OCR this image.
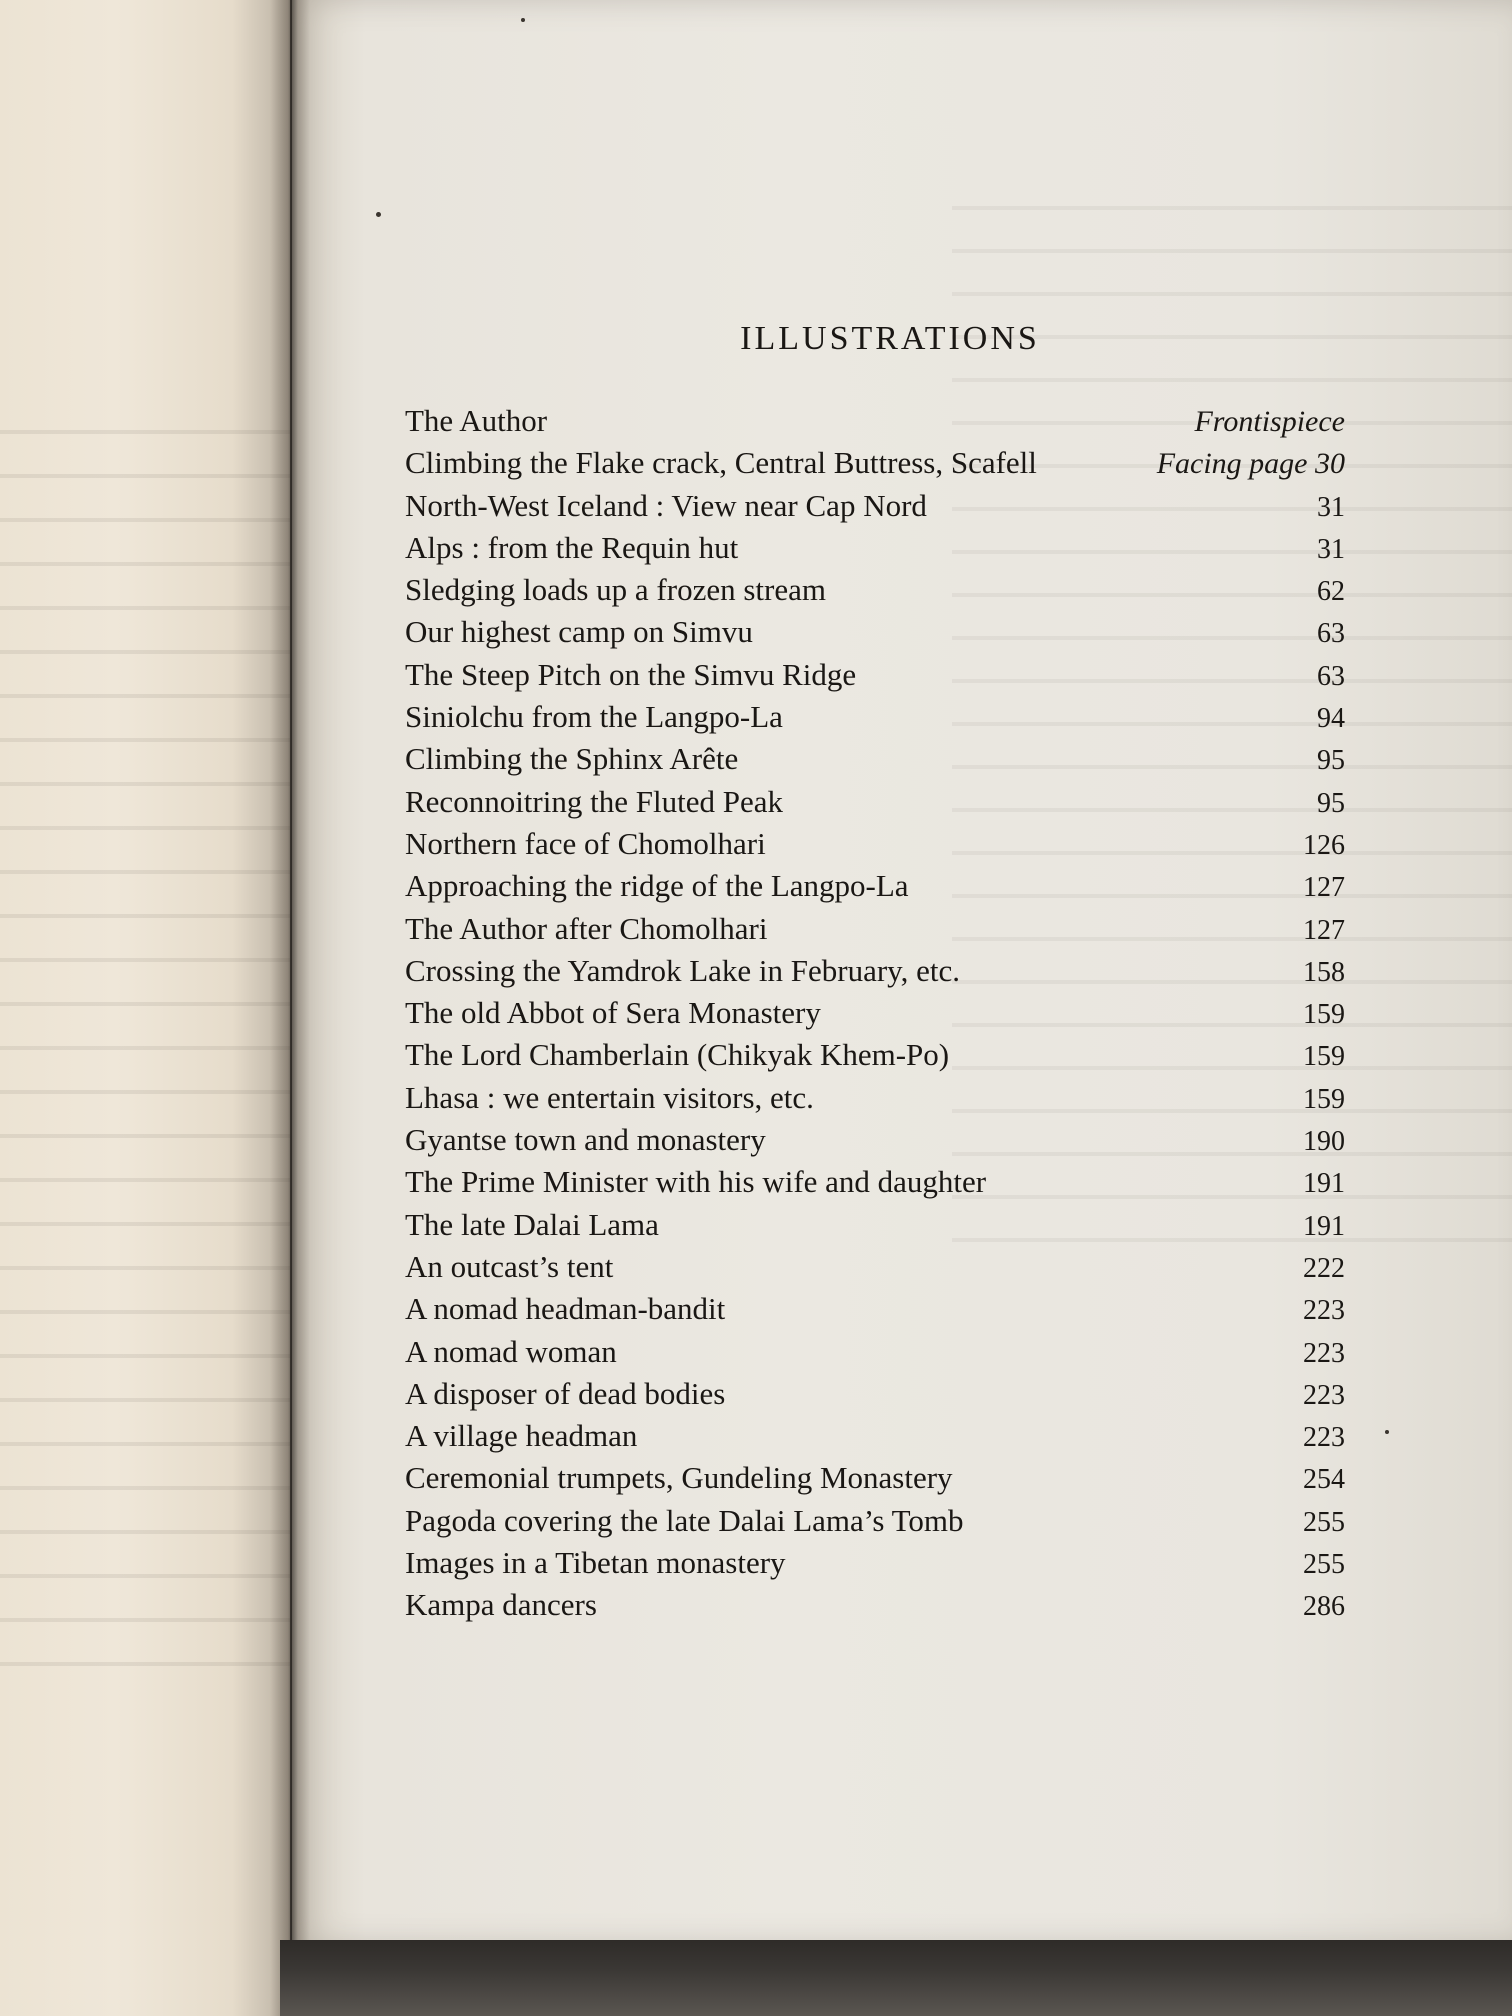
ILLUSTRATIONS
The Author	Frontispiece
Climbing the Flake crack, Central Buttress, Scafell	Facing page 30
North-West Iceland : View near Cap Nord	31
Alps : from the Requin hut	31
Sledging loads up a frozen stream	62
Our highest camp on Simvu	63
The Steep Pitch on the Simvu Ridge	63
Siniolchu from the Langpo-La	94
Climbing the Sphinx Arête	95
Reconnoitring the Fluted Peak	95
Northern face of Chomolhari	126
Approaching the ridge of the Langpo-La	127
The Author after Chomolhari	127
Crossing the Yamdrok Lake in February, etc.	158
The old Abbot of Sera Monastery	159
The Lord Chamberlain (Chikyak Khem-Po)	159
Lhasa : we entertain visitors, etc.	159
Gyantse town and monastery	190
The Prime Minister with his wife and daughter	191
The late Dalai Lama	191
An outcast’s tent	222
A nomad headman-bandit	223
A nomad woman	223
A disposer of dead bodies	223
A village headman	223
Ceremonial trumpets, Gundeling Monastery	254
Pagoda covering the late Dalai Lama’s Tomb	255
Images in a Tibetan monastery	255
Kampa dancers	286
